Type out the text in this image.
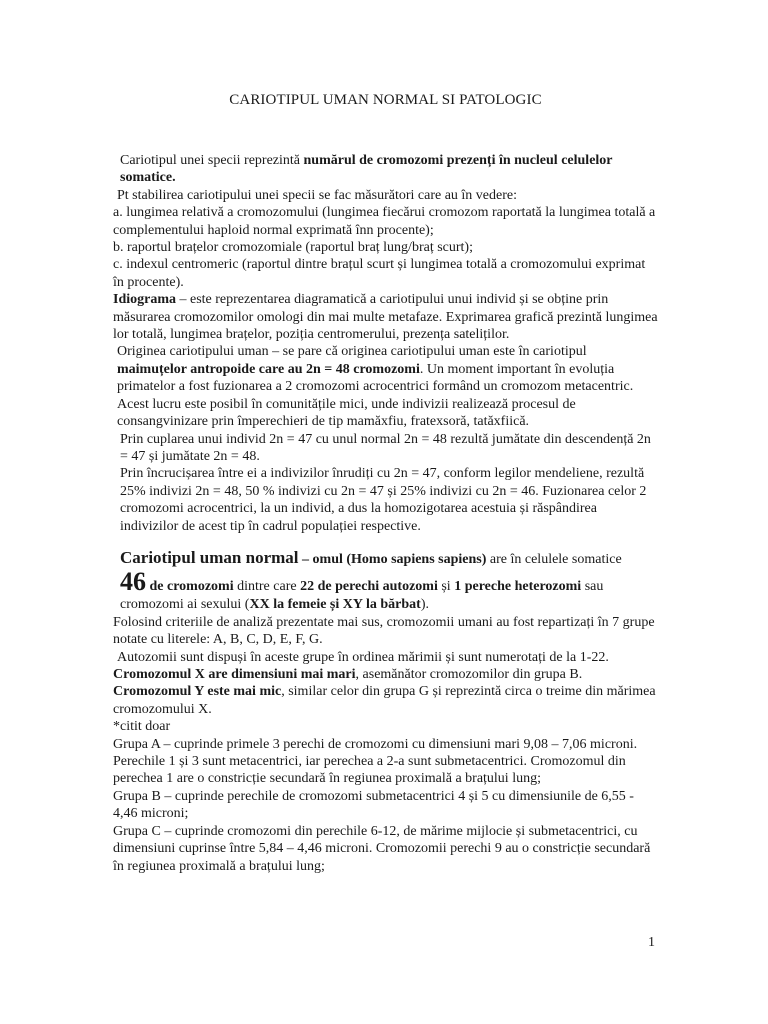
CARIOTIPUL UMAN NORMAL SI PATOLOGIC

Cariotipul unei specii reprezintă numărul de cromozomi prezenți în nucleul celulelor somatice.

Pt stabilirea cariotipului unei specii se fac măsurători care au în vedere:

a. lungimea relativă a cromozomului (lungimea fiecărui cromozom raportată la lungimea totală a complementului haploid normal exprimată înn procente);

b. raportul brațelor cromozomiale (raportul braț lung/braț scurt);

c. indexul centromeric (raportul dintre brațul scurt și lungimea totală a cromozomului exprimat în procente).

Idiograma – este reprezentarea diagramatică a cariotipului unui individ și se obține prin măsurarea cromozomilor omologi din mai multe metafaze. Exprimarea grafică prezintă lungimea lor totală, lungimea brațelor, poziția centromerului, prezența sateliților.

Originea cariotipului uman – se pare că originea cariotipului uman este în cariotipul maimuțelor antropoide care au 2n = 48 cromozomi. Un moment important în evoluția primatelor a fost fuzionarea a 2 cromozomi acrocentrici formând un cromozom metacentric. Acest lucru este posibil în comunitățile mici, unde indivizii realizează procesul de consangvinizare prin împerechieri de tip mamăxfiu, fratexsoră, tatăxfiică.

Prin cuplarea unui individ 2n = 47 cu unul normal 2n = 48 rezultă jumătate din descendență 2n = 47 și jumătate 2n = 48.

Prin încrucișarea între ei a indivizilor înrudiți cu 2n = 47, conform legilor mendeliene, rezultă 25% indivizi 2n = 48, 50 % indivizi cu 2n = 47 și 25% indivizi cu 2n = 46. Fuzionarea celor 2 cromozomi acrocentrici, la un individ, a dus la homozigotarea acestuia și răspândirea indivizilor de acest tip în cadrul populației respective.

Cariotipul uman normal – omul (Homo sapiens sapiens) are în celulele somatice
46 de cromozomi dintre care 22 de perechi autozomi și 1 pereche heterozomi sau cromozomi ai sexului (XX la femeie și XY la bărbat).

Folosind criteriile de analiză prezentate mai sus, cromozomii umani au fost repartizați în 7 grupe notate cu literele: A, B, C, D, E, F, G.

Autozomii sunt dispuși în aceste grupe în ordinea mărimii și sunt numerotați de la 1-22.

Cromozomul X are dimensiuni mai mari, asemănător cromozomilor din grupa B.

Cromozomul Y este mai mic, similar celor din grupa G și reprezintă circa o treime din mărimea cromozomului X.

*citit doar

Grupa A – cuprinde primele 3 perechi de cromozomi cu dimensiuni mari 9,08 – 7,06 microni. Perechile 1 și 3 sunt metacentrici, iar perechea a 2-a sunt submetacentrici. Cromozomul din perechea 1 are o constricție secundară în regiunea proximală a brațului lung;

Grupa B – cuprinde perechile de cromozomi submetacentrici 4 și 5 cu dimensiunile de 6,55 - 4,46 microni;

Grupa C – cuprinde cromozomi din perechile 6-12, de mărime mijlocie și submetacentrici, cu dimensiuni cuprinse între 5,84 – 4,46 microni. Cromozomii perechi 9 au o constricție secundară în regiunea proximală a brațului lung;

1
